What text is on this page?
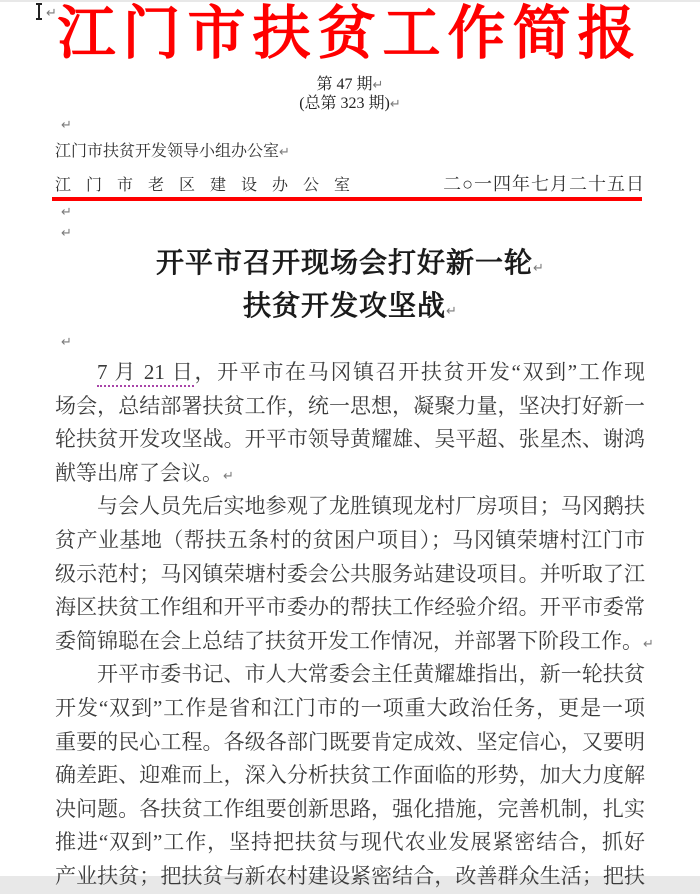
↵ 江门市扶贫工作简报
第 47 期↵
(总第 323 期)↵
↵
江门市扶贫开发领导小组办公室↵
江门市老区建设办公室	二○一四年七月二十五日
↵
↵
开平市召开现场会打好新一轮↵
扶贫开发攻坚战↵
↵
7 月 21 日，开平市在马冈镇召开扶贫开发“双到”工作现
场会，总结部署扶贫工作，统一思想，凝聚力量，坚决打好新一
轮扶贫开发攻坚战。开平市领导黄耀雄、吴平超、张星杰、谢鸿
猷等出席了会议。↵
与会人员先后实地参观了龙胜镇现龙村厂房项目；马冈鹅扶
贫产业基地（帮扶五条村的贫困户项目）；马冈镇荣塘村江门市
级示范村；马冈镇荣塘村委会公共服务站建设项目。并听取了江
海区扶贫工作组和开平市委办的帮扶工作经验介绍。开平市委常
委简锦聪在会上总结了扶贫开发工作情况，并部署下阶段工作。↵
开平市委书记、市人大常委会主任黄耀雄指出，新一轮扶贫
开发“双到”工作是省和江门市的一项重大政治任务，更是一项
重要的民心工程。各级各部门既要肯定成效、坚定信心，又要明
确差距、迎难而上，深入分析扶贫工作面临的形势，加大力度解
决问题。各扶贫工作组要创新思路，强化措施，完善机制，扎实
推进“双到”工作，坚持把扶贫与现代农业发展紧密结合，抓好
产业扶贫；把扶贫与新农村建设紧密结合，改善群众生活；把扶
